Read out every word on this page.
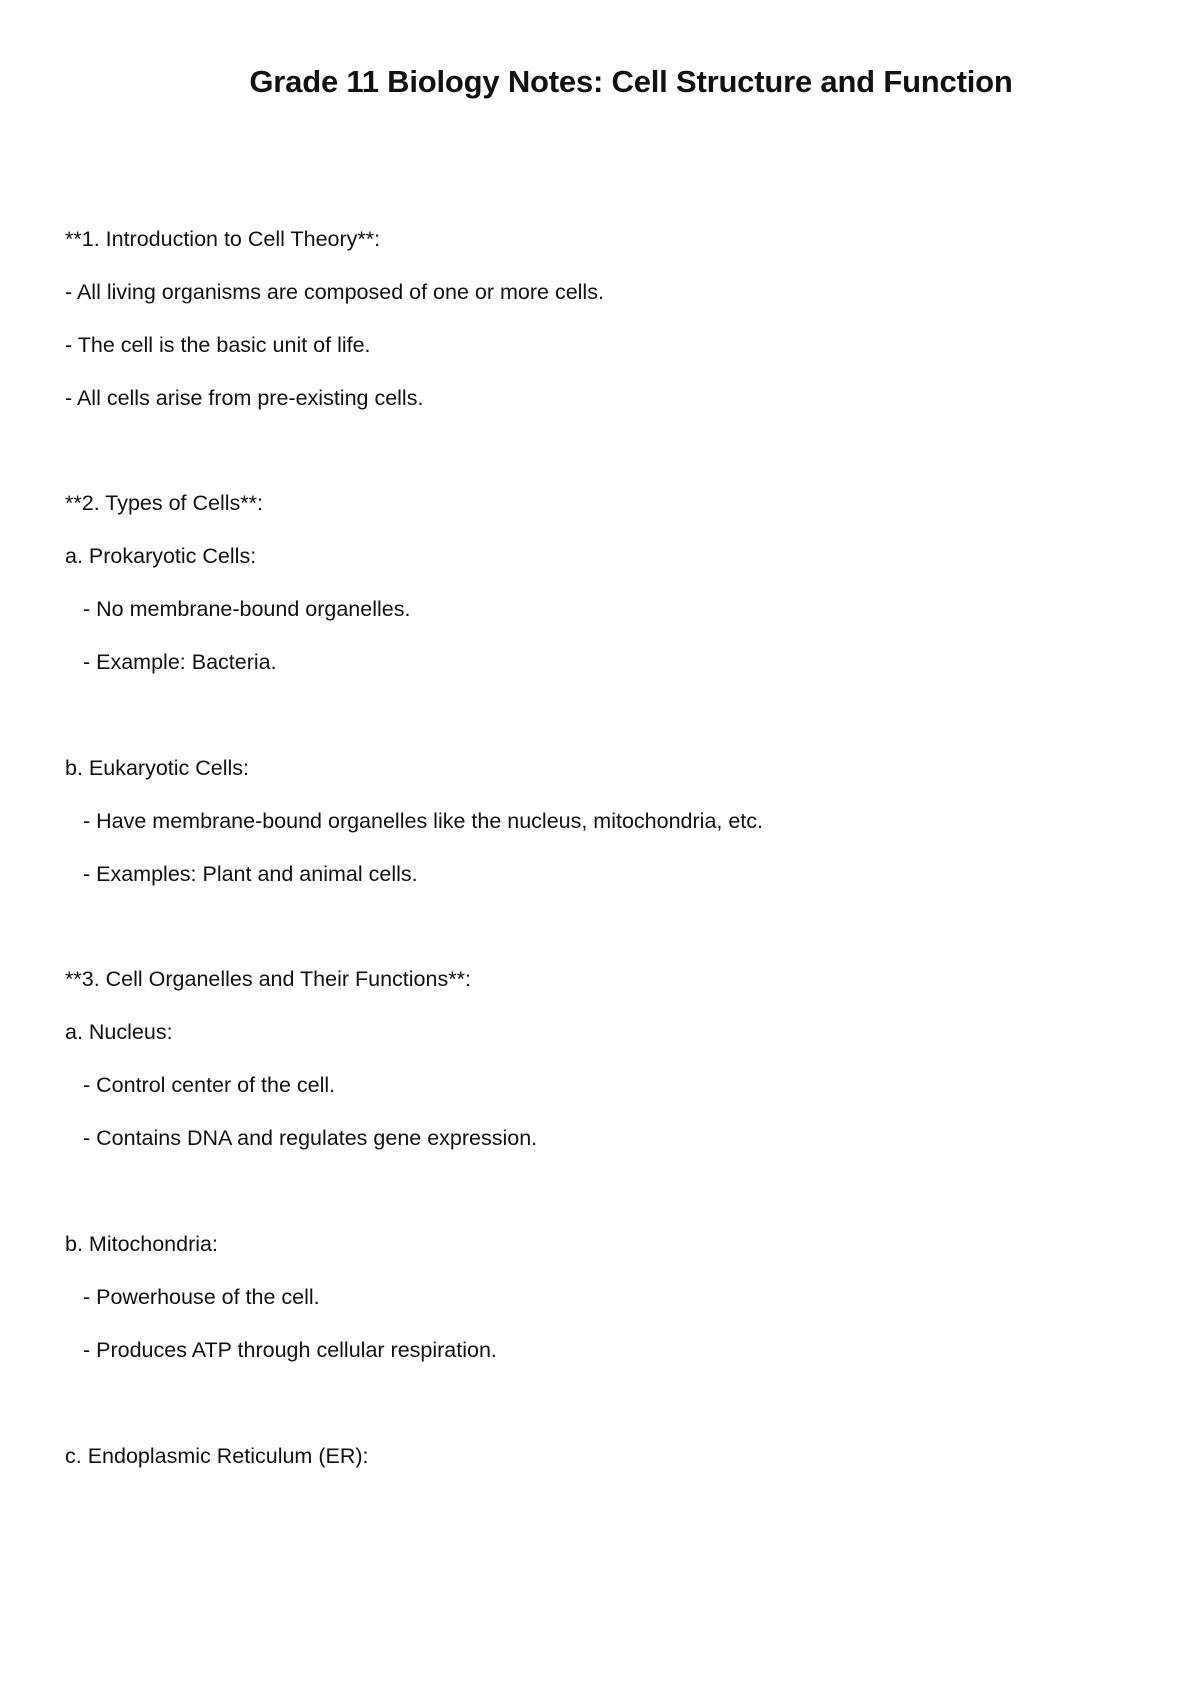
Grade 11 Biology Notes: Cell Structure and Function
**1. Introduction to Cell Theory**:
- All living organisms are composed of one or more cells.
- The cell is the basic unit of life.
- All cells arise from pre-existing cells.
**2. Types of Cells**:
a. Prokaryotic Cells:
- No membrane-bound organelles.
- Example: Bacteria.
b. Eukaryotic Cells:
- Have membrane-bound organelles like the nucleus, mitochondria, etc.
- Examples: Plant and animal cells.
**3. Cell Organelles and Their Functions**:
a. Nucleus:
- Control center of the cell.
- Contains DNA and regulates gene expression.
b. Mitochondria:
- Powerhouse of the cell.
- Produces ATP through cellular respiration.
c. Endoplasmic Reticulum (ER):
